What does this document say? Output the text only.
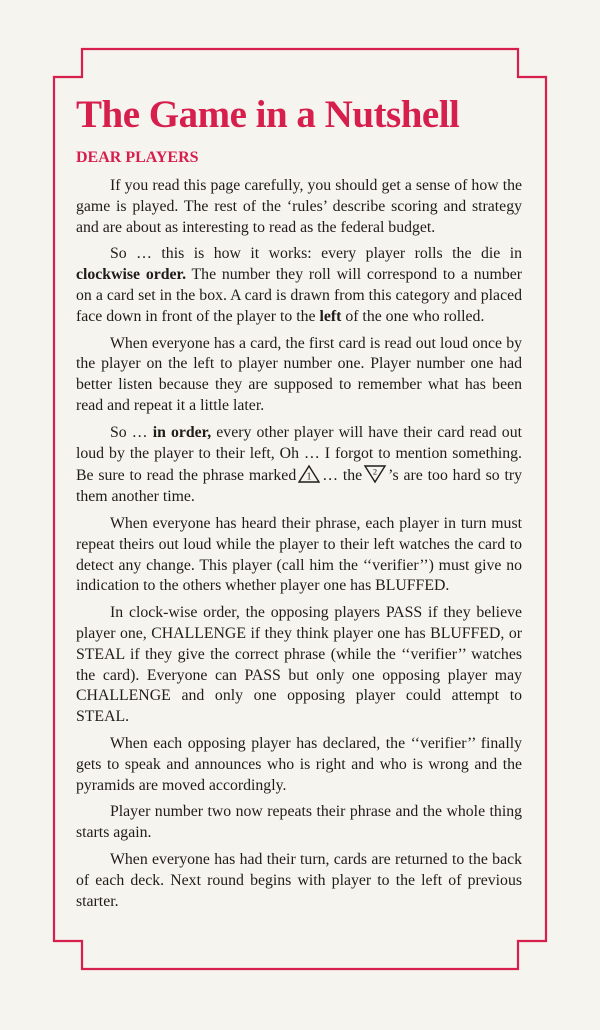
The Game in a Nutshell
DEAR PLAYERS

If you read this page carefully, you should get a sense of how the game is played. The rest of the ‘rules’ describe scoring and strategy and are about as interesting to read as the federal budget.

So … this is how it works: every player rolls the die in clockwise order. The number they roll will correspond to a number on a card set in the box. A card is drawn from this category and placed face down in front of the player to the left of the one who rolled.

When everyone has a card, the first card is read out loud once by the player on the left to player number one. Player number one had better listen because they are supposed to remember what has been read and repeat it a little later.

So … in order, every other player will have their card read out loud by the player to their left, Oh … I forgot to mention something. Be sure to read the phrase marked 1 … the 2 ’s are too hard so try them another time.

When everyone has heard their phrase, each player in turn must repeat theirs out loud while the player to their left watches the card to detect any change. This player (call him the ‘‘verifier’’) must give no indication to the others whether player one has BLUFFED.

In clock-wise order, the opposing players PASS if they believe player one, CHALLENGE if they think player one has BLUFFED, or STEAL if they give the correct phrase (while the ‘‘verifier’’ watches the card). Everyone can PASS but only one opposing player may CHALLENGE and only one opposing player could attempt to STEAL.

When each opposing player has declared, the ‘‘verifier’’ finally gets to speak and announces who is right and who is wrong and the pyramids are moved accordingly.

Player number two now repeats their phrase and the whole thing starts again.

When everyone has had their turn, cards are returned to the back of each deck. Next round begins with player to the left of previous starter.
